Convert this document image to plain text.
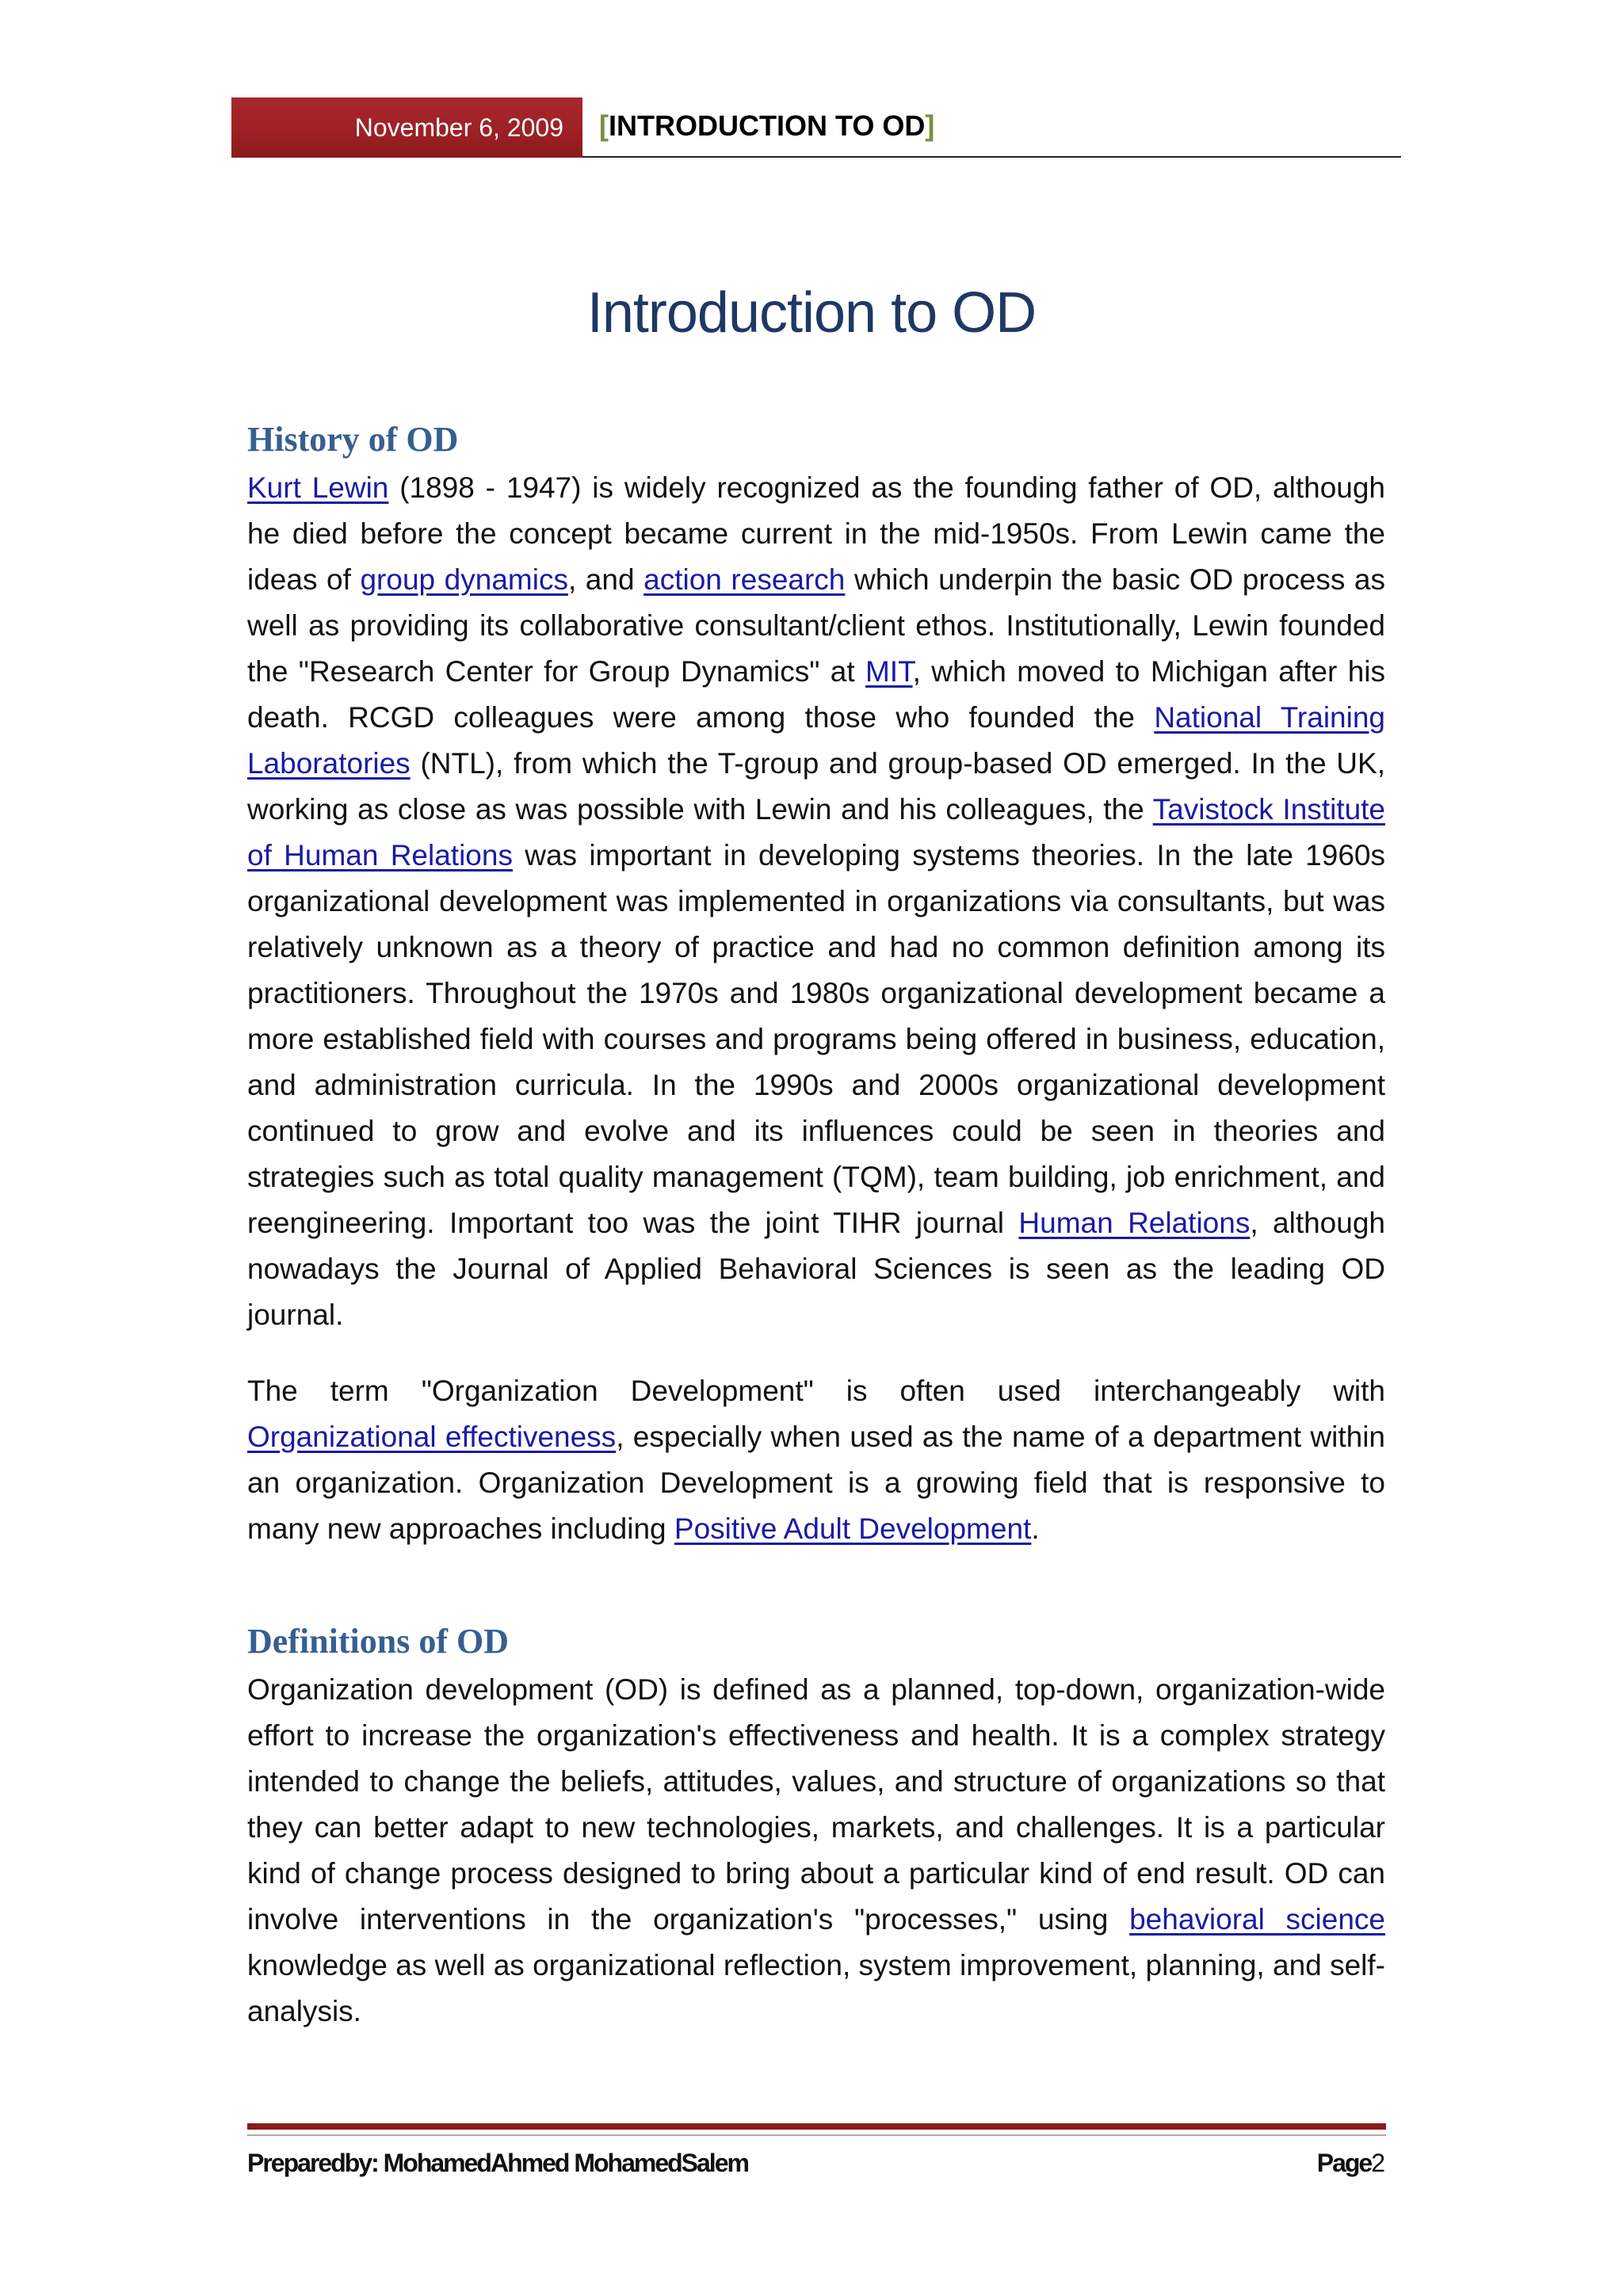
November 6, 2009	[INTRODUCTION TO OD]
Introduction to OD
History of OD

Kurt Lewin (1898 - 1947) is widely recognized as the founding father of OD, although he died before the concept became current in the mid-1950s. From Lewin came the ideas of group dynamics, and action research which underpin the basic OD process as well as providing its collaborative consultant/client ethos. Institutionally, Lewin founded the "Research Center for Group Dynamics" at MIT, which moved to Michigan after his death. RCGD colleagues were among those who founded the National Training Laboratories (NTL), from which the T-group and group-based OD emerged. In the UK, working as close as was possible with Lewin and his colleagues, the Tavistock Institute of Human Relations was important in developing systems theories. In the late 1960s organizational development was implemented in organizations via consultants, but was relatively unknown as a theory of practice and had no common definition among its practitioners. Throughout the 1970s and 1980s organizational development became a more established field with courses and programs being offered in business, education, and administration curricula. In the 1990s and 2000s organizational development continued to grow and evolve and its influences could be seen in theories and strategies such as total quality management (TQM), team building, job enrichment, and reengineering. Important too was the joint TIHR journal Human Relations, although nowadays the Journal of Applied Behavioral Sciences is seen as the leading OD journal.

The term "Organization Development" is often used interchangeably with Organizational effectiveness, especially when used as the name of a department within an organization. Organization Development is a growing field that is responsive to many new approaches including Positive Adult Development.

Definitions of OD

Organization development (OD) is defined as a planned, top-down, organization-wide effort to increase the organization's effectiveness and health. It is a complex strategy intended to change the beliefs, attitudes, values, and structure of organizations so that they can better adapt to new technologies, markets, and challenges. It is a particular kind of change process designed to bring about a particular kind of end result. OD can involve interventions in the organization's "processes," using behavioral science knowledge as well as organizational reflection, system improvement, planning, and self-analysis.

Preparedby: MohamedAhmed MohamedSalem	Page2
